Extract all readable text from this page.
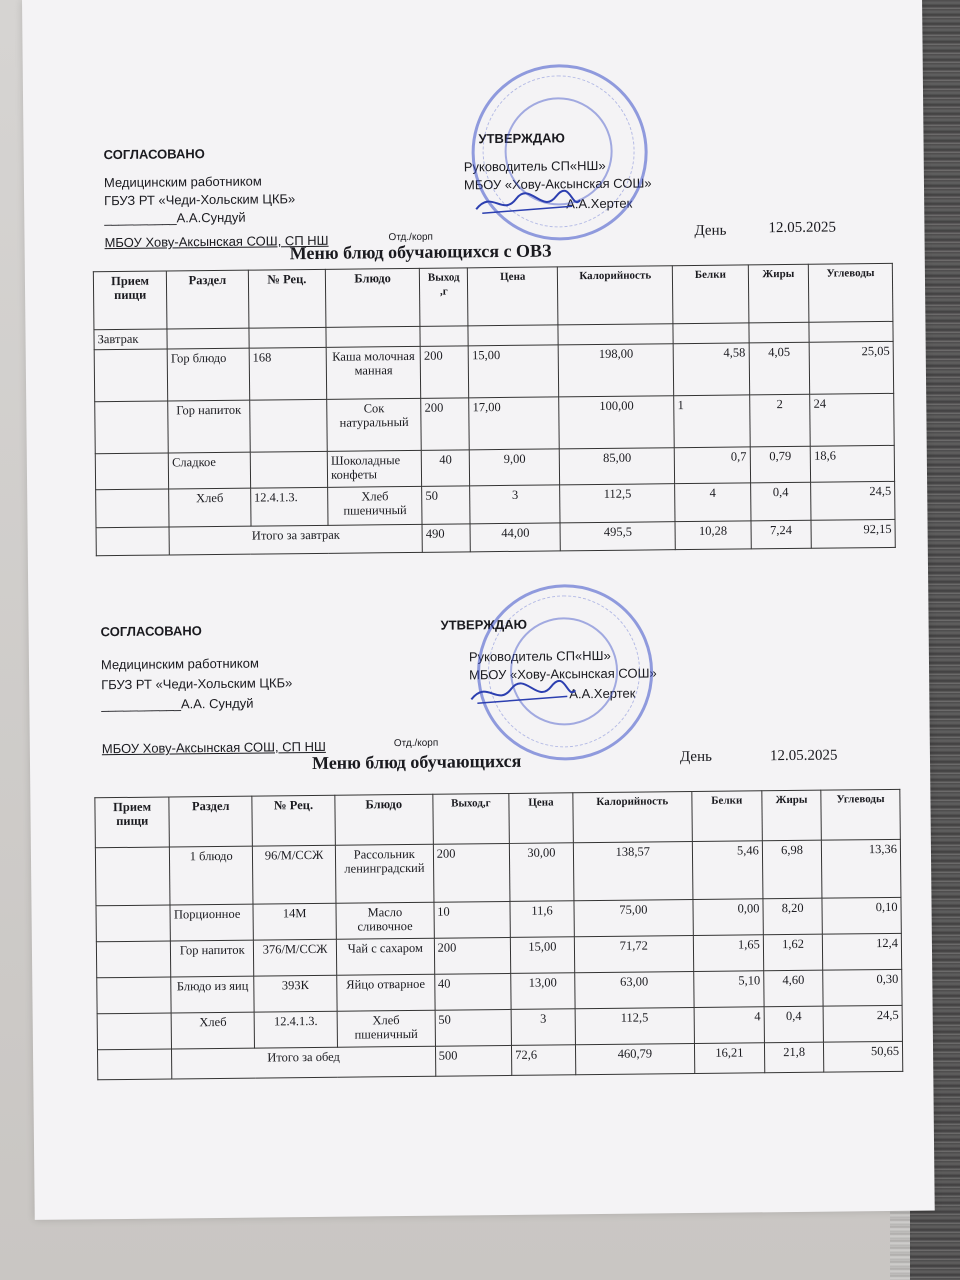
СОГЛАСОВАНО
Медицинским работником
ГБУЗ РТ «Чеди-Хольским ЦКБ»
__________А.А.Сундуй
МБОУ Хову-Аксынская СОШ, СП НШ	Отд./корп
УТВЕРЖДАЮ
Руководитель СП«НШ»
МБОУ «Хову-Аксынская СОШ»
А.А.Хертек
Меню блюд обучающихся с ОВЗ
День	12.05.2025
Прием пищи	Раздел	№ Рец.	Блюдо	Выход ,г	Цена	Калорийность	Белки	Жиры	Углеводы
Завтрак									
	Гор блюдо	168	Каша молочная манная	200	15,00	198,00	4,58	4,05	25,05
	Гор напиток		Сок натуральный	200	17,00	100,00	1	2	24
	Сладкое		Шоколадные конфеты	40	9,00	85,00	0,7	0,79	18,6
	Хлеб	12.4.1.3.	Хлеб пшеничный	50	3	112,5	4	0,4	24,5
	Итого за завтрак			490	44,00	495,5	10,28	7,24	92,15
СОГЛАСОВАНО
Медицинским работником
ГБУЗ РТ «Чеди-Хольским ЦКБ»
___________А.А. Сундуй
МБОУ Хову-Аксынская СОШ, СП НШ	Отд./корп
УТВЕРЖДАЮ
Руководитель СП«НШ»
МБОУ «Хову-Аксынская СОШ»
А.А.Хертек
Меню блюд обучающихся	День	12.05.2025
Прием пищи	Раздел	№ Рец.	Блюдо	Выход,г	Цена	Калорийность	Белки	Жиры	Углеводы
	1 блюдо	96/М/ССЖ	Рассольник ленинградский	200	30,00	138,57	5,46	6,98	13,36
	Порционное	14М	Масло сливочное	10	11,6	75,00	0,00	8,20	0,10
	Гор напиток	376/М/ССЖ	Чай с сахаром	200	15,00	71,72	1,65	1,62	12,4
	Блюдо из яиц	393К	Яйцо отварное	40	13,00	63,00	5,10	4,60	0,30
	Хлеб	12.4.1.3.	Хлеб пшеничный	50	3	112,5	4	0,4	24,5
	Итого за обед			500	72,6	460,79	16,21	21,8	50,65
